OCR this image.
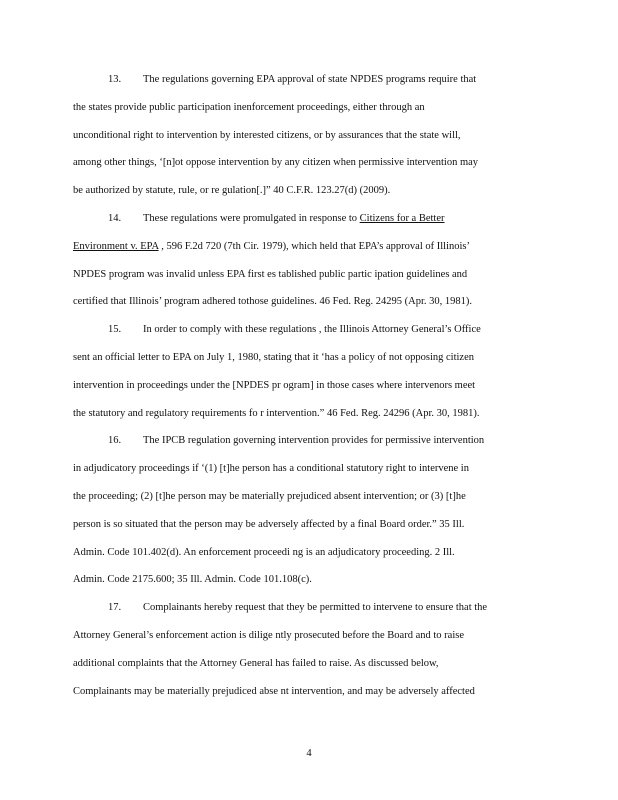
13.	The regulations governing EPA approval of state NPDES programs require that
the states provide public participation inenforcement proceedings, either through an
unconditional right to intervention by interested citizens, or by assurances that the state will,
among other things, ‘[n]ot oppose intervention by any citizen when permissive intervention may
be authorized by statute, rule, or re gulation[.]” 40 C.F.R. 123.27(d) (2009).
14.	These regulations were promulgated in response to Citizens for a Better
Environment v. EPA , 596 F.2d 720 (7th Cir. 1979), which held that EPA’s approval of Illinois’
NPDES program was invalid unless EPA first es tablished public partic ipation guidelines and
certified that Illinois’ program adhered tothose guidelines. 46 Fed. Reg. 24295 (Apr. 30, 1981).
15.	In order to comply with these regulations , the Illinois Attorney General’s Office
sent an official letter to EPA on July 1, 1980, stating that it ‘has a policy of not opposing citizen
intervention in proceedings under the [NPDES pr ogram] in those cases where intervenors meet
the statutory and regulatory requirements fo r intervention.” 46 Fed. Reg. 24296 (Apr. 30, 1981).
16.	The IPCB regulation governing intervention provides for permissive intervention
in adjudicatory proceedings if ‘(1) [t]he person has a conditional statutory right to intervene in
the proceeding; (2) [t]he person may be materially prejudiced absent intervention; or (3) [t]he
person is so situated that the person may be adversely affected by a final Board order.” 35 Ill.
Admin. Code 101.402(d). An enforcement proceedi ng is an adjudicatory proceeding. 2 Ill.
Admin. Code 2175.600; 35 Ill. Admin. Code 101.108(c).
17.	Complainants hereby request that they be permitted to intervene to ensure that the
Attorney General’s enforcement action is dilige ntly prosecuted before the Board and to raise
additional complaints that the Attorney General has failed to raise. As discussed below,
Complainants may be materially prejudiced abse nt intervention, and may be adversely affected
4
